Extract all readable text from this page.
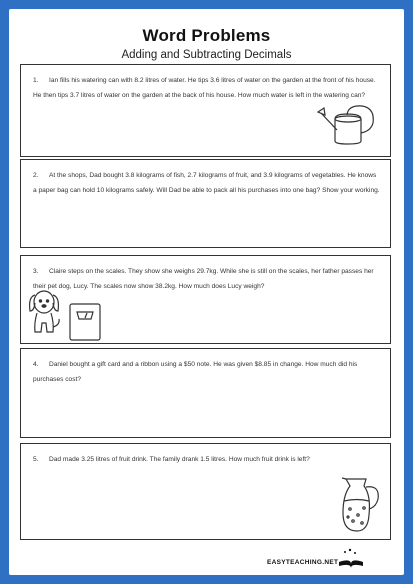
Word Problems
Adding and Subtracting Decimals
1. Ian fills his watering can with 8.2 litres of water. He tips 3.6 litres of water on the garden at the front of his house. He then tips 3.7 litres of water on the garden at the back of his house. How much water is left in the watering can?
2. At the shops, Dad bought 3.8 kilograms of fish, 2.7 kilograms of fruit, and 3.9 kilograms of vegetables. He knows a paper bag can hold 10 kilograms safely. Will Dad be able to pack all his purchases into one bag? Show your working.
3. Claire steps on the scales. They show she weighs 29.7kg. While she is still on the scales, her father passes her their pet dog, Lucy. The scales now show 38.2kg. How much does Lucy weigh?
4. Daniel bought a gift card and a ribbon using a $50 note. He was given $8.85 in change. How much did his purchases cost?
5. Dad made 3.25 litres of fruit drink. The family drank 1.5 litres. How much fruit drink is left?
EASYTEACHING.NET
